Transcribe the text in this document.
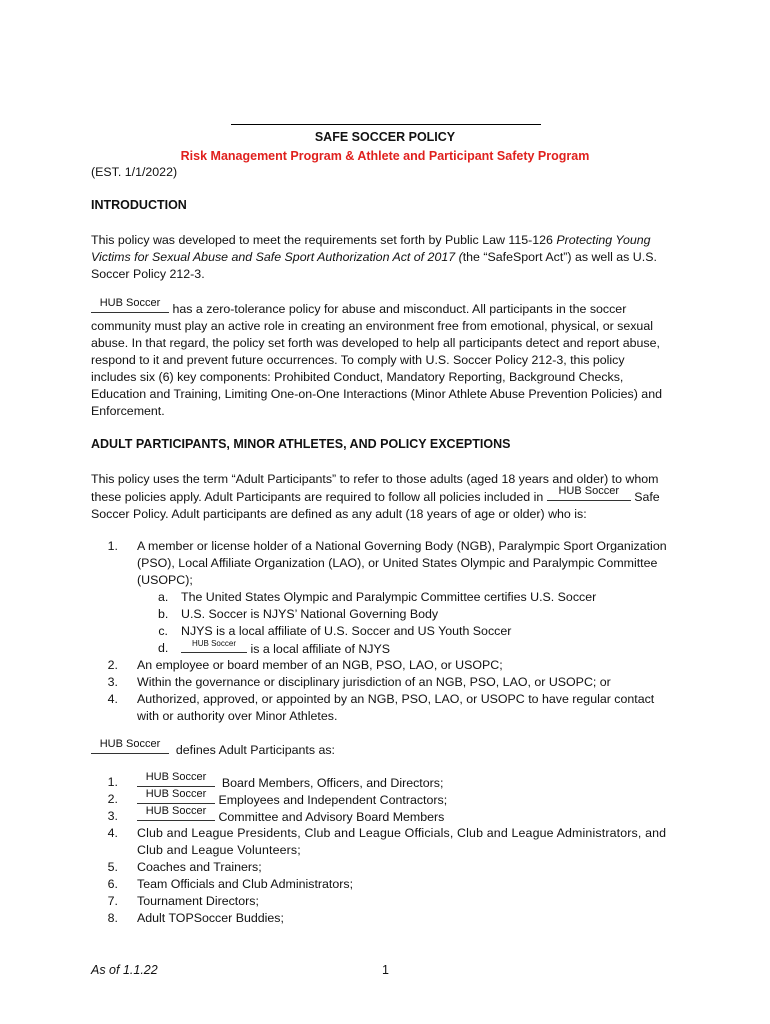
SAFE SOCCER POLICY
Risk Management Program & Athlete and Participant Safety Program
(EST. 1/1/2022)
INTRODUCTION
This policy was developed to meet the requirements set forth by Public Law 115-126 Protecting Young
Victims for Sexual Abuse and Safe Sport Authorization Act of 2017 (the “SafeSport Act”) as well as U.S.
Soccer Policy 212-3.
HUB Soccer has a zero-tolerance policy for abuse and misconduct. All participants in the soccer
community must play an active role in creating an environment free from emotional, physical, or sexual
abuse. In that regard, the policy set forth was developed to help all participants detect and report abuse,
respond to it and prevent future occurrences. To comply with U.S. Soccer Policy 212-3, this policy
includes six (6) key components: Prohibited Conduct, Mandatory Reporting, Background Checks,
Education and Training, Limiting One-on-One Interactions (Minor Athlete Abuse Prevention Policies) and
Enforcement.
ADULT PARTICIPANTS, MINOR ATHLETES, AND POLICY EXCEPTIONS
This policy uses the term “Adult Participants” to refer to those adults (aged 18 years and older) to whom
these policies apply. Adult Participants are required to follow all policies included in	HUB Soccer	Safe
Soccer Policy. Adult participants are defined as any adult (18 years of age or older) who is:
1. A member or license holder of a National Governing Body (NGB), Paralympic Sport Organization
(PSO), Local Affiliate Organization (LAO), or United States Olympic and Paralympic Committee
(USOPC);
a. The United States Olympic and Paralympic Committee certifies U.S. Soccer
b. U.S. Soccer is NJYS’ National Governing Body
c. NJYS is a local affiliate of U.S. Soccer and US Youth Soccer
d.	HUB Soccer	is a local affiliate of NJYS
2. An employee or board member of an NGB, PSO, LAO, or USOPC;
3. Within the governance or disciplinary jurisdiction of an NGB, PSO, LAO, or USOPC; or
4. Authorized, approved, or appointed by an NGB, PSO, LAO, or USOPC to have regular contact
with or authority over Minor Athletes.
HUB Soccer	defines Adult Participants as:
1.	HUB Soccer	Board Members, Officers, and Directors;
2.	HUB Soccer Employees and Independent Contractors;
3.	HUB Soccer Committee and Advisory Board Members
4. Club and League Presidents, Club and League Officials, Club and League Administrators, and
Club and League Volunteers;
5. Coaches and Trainers;
6. Team Officials and Club Administrators;
7. Tournament Directors;
8. Adult TOPSoccer Buddies;
As of 1.1.22	1
